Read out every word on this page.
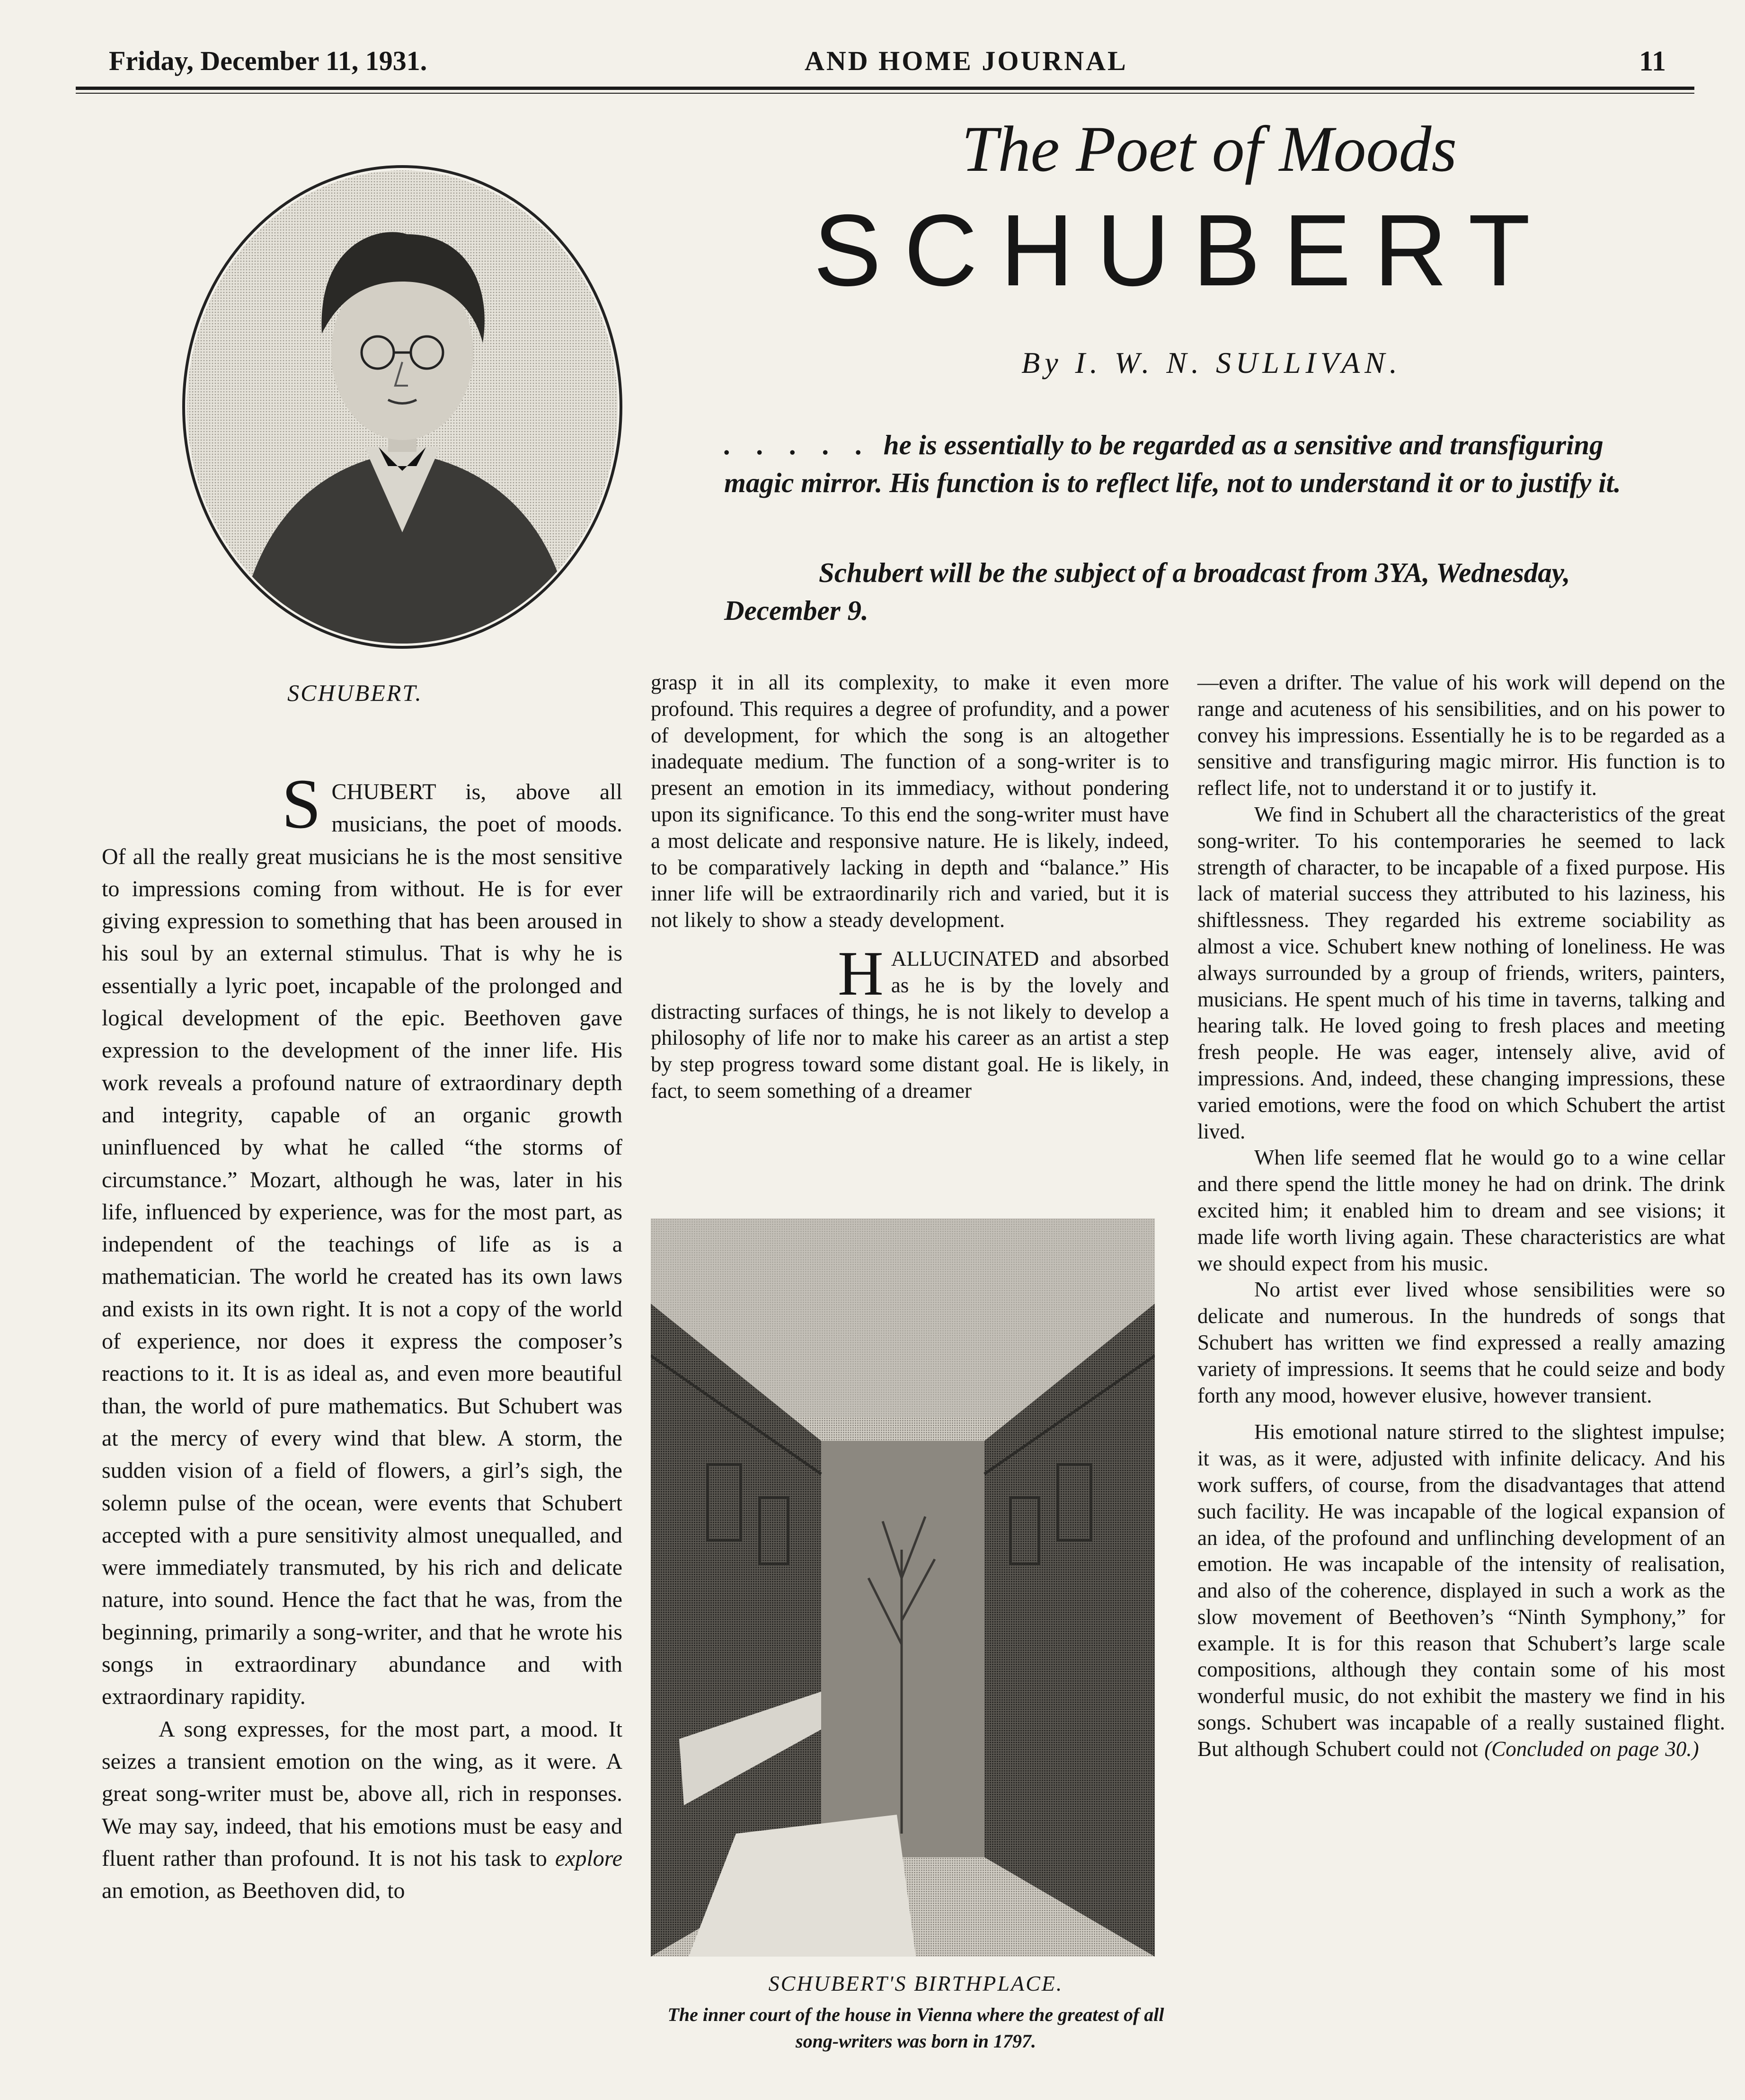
Friday, December 11, 1931.	AND HOME JOURNAL	11
SCHUBERT.
The Poet of Moods
SCHUBERT
By I. W. N. SULLIVAN.
. . . . . he is essentially to be regarded as a sensitive and transfiguring magic mirror. His function is to reflect life, not to understand it or to justify it.
Schubert will be the subject of a broadcast from 3YA, Wednesday, December 9.

SCHUBERT is, above all musicians, the poet of moods. Of all the really great musicians he is the most sensitive to impressions coming from without. He is for ever giving expression to something that has been aroused in his soul by an external stimulus. That is why he is essentially a lyric poet, incapable of the prolonged and logical development of the epic. Beethoven gave expression to the development of the inner life. His work reveals a profound nature of extraordinary depth and integrity, capable of an organic growth uninfluenced by what he called “the storms of circumstance.” Mozart, although he was, later in his life, influenced by experience, was for the most part, as independent of the teachings of life as is a mathematician. The world he created has its own laws and exists in its own right. It is not a copy of the world of experience, nor does it express the composer’s reactions to it. It is as ideal as, and even more beautiful than, the world of pure mathematics. But Schubert was at the mercy of every wind that blew. A storm, the sudden vision of a field of flowers, a girl’s sigh, the solemn pulse of the ocean, were events that Schubert accepted with a pure sensitivity almost unequalled, and were immediately transmuted, by his rich and delicate nature, into sound. Hence the fact that he was, from the beginning, primarily a song-writer, and that he wrote his songs in extraordinary abundance and with extraordinary rapidity.

A song expresses, for the most part, a mood. It seizes a transient emotion on the wing, as it were. A great song-writer must be, above all, rich in responses. We may say, indeed, that his emotions must be easy and fluent rather than profound. It is not his task to explore an emotion, as Beethoven did, to

grasp it in all its complexity, to make it even more profound. This requires a degree of profundity, and a power of development, for which the song is an altogether inadequate medium. The function of a song-writer is to present an emotion in its immediacy, without pondering upon its significance. To this end the song-writer must have a most delicate and responsive nature. He is likely, indeed, to be comparatively lacking in depth and “balance.” His inner life will be extraordinarily rich and varied, but it is not likely to show a steady development.

HALLUCINATED and absorbed as he is by the lovely and distracting surfaces of things, he is not likely to develop a philosophy of life nor to make his career as an artist a step by step progress toward some distant goal. He is likely, in fact, to seem something of a dreamer

SCHUBERT'S BIRTHPLACE.
The inner court of the house in Vienna where the greatest of all song-writers was born in 1797.

—even a drifter. The value of his work will depend on the range and acuteness of his sensibilities, and on his power to convey his impressions. Essentially he is to be regarded as a sensitive and transfiguring magic mirror. His function is to reflect life, not to understand it or to justify it.

We find in Schubert all the characteristics of the great song-writer. To his contemporaries he seemed to lack strength of character, to be incapable of a fixed purpose. His lack of material success they attributed to his laziness, his shiftlessness. They regarded his extreme sociability as almost a vice. Schubert knew nothing of loneliness. He was always surrounded by a group of friends, writers, painters, musicians. He spent much of his time in taverns, talking and hearing talk. He loved going to fresh places and meeting fresh people. He was eager, intensely alive, avid of impressions. And, indeed, these changing impressions, these varied emotions, were the food on which Schubert the artist lived.

When life seemed flat he would go to a wine cellar and there spend the little money he had on drink. The drink excited him; it enabled him to dream and see visions; it made life worth living again. These characteristics are what we should expect from his music.

No artist ever lived whose sensibilities were so delicate and numerous. In the hundreds of songs that Schubert has written we find expressed a really amazing variety of impressions. It seems that he could seize and body forth any mood, however elusive, however transient.

His emotional nature stirred to the slightest impulse; it was, as it were, adjusted with infinite delicacy. And his work suffers, of course, from the disadvantages that attend such facility. He was incapable of the logical expansion of an idea, of the profound and unflinching development of an emotion. He was incapable of the intensity of realisation, and also of the coherence, displayed in such a work as the slow movement of Beethoven’s “Ninth Symphony,” for example. It is for this reason that Schubert’s large scale compositions, although they contain some of his most wonderful music, do not exhibit the mastery we find in his songs. Schubert was incapable of a really sustained flight. But although Schubert could not (Concluded on page 30.)
